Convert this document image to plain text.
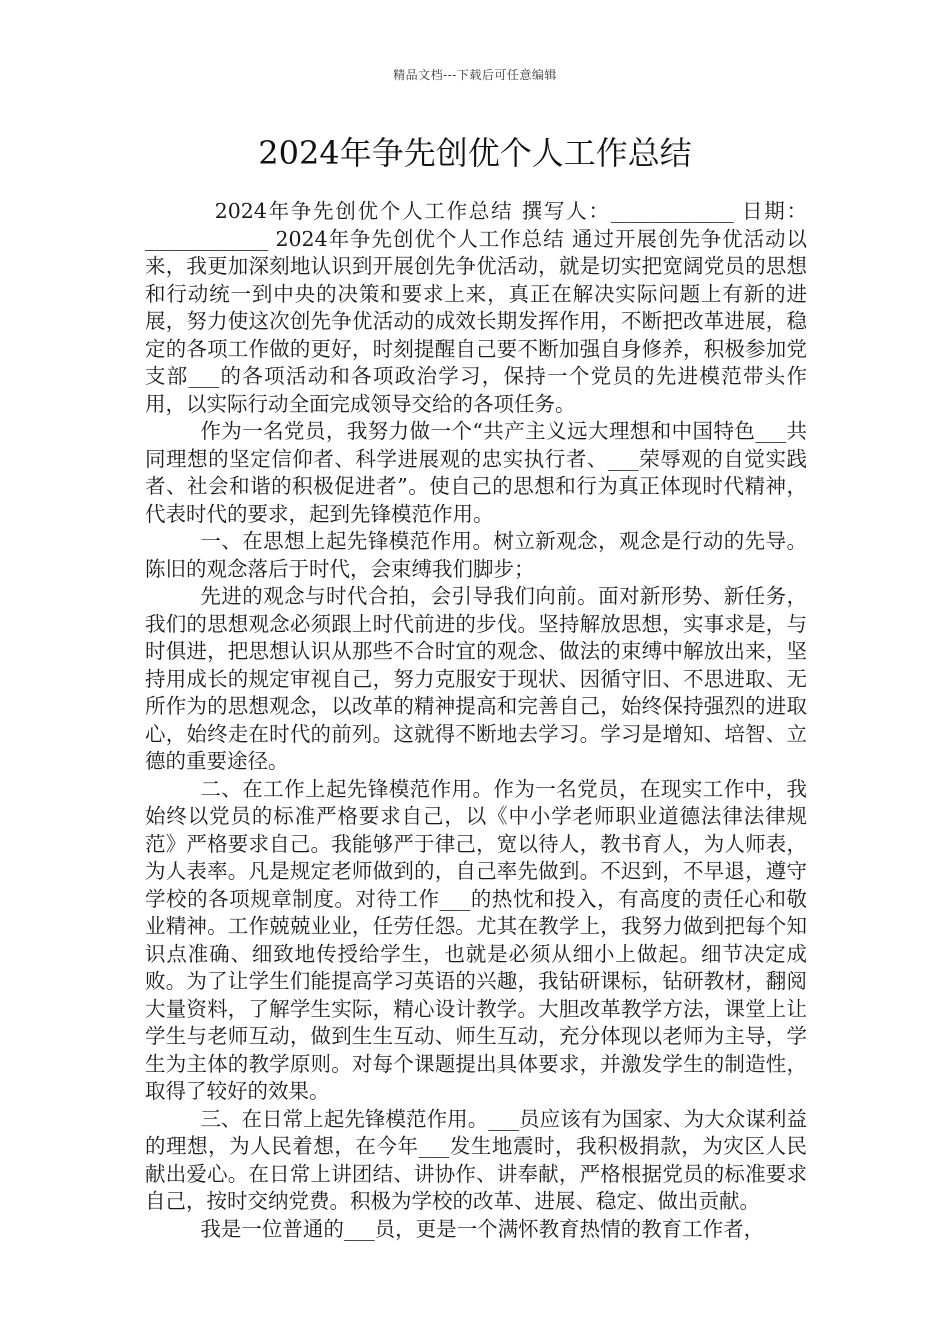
精品文档---下载后可任意编辑
2024年争先创优个人工作总结

2024年争先创优个人工作总结 撰写人：____________ 日期：____________ 2024年争先创优个人工作总结 通过开展创先争优活动以来，我更加深刻地认识到开展创先争优活动，就是切实把宽阔党员的思想和行动统一到中央的决策和要求上来，真正在解决实际问题上有新的进展，努力使这次创先争优活动的成效长期发挥作用，不断把改革进展，稳定的各项工作做的更好，时刻提醒自己要不断加强自身修养，积极参加党支部___的各项活动和各项政治学习，保持一个党员的先进模范带头作用，以实际行动全面完成领导交给的各项任务。

作为一名党员，我努力做一个“共产主义远大理想和中国特色___共同理想的坚定信仰者、科学进展观的忠实执行者、___荣辱观的自觉实践者、社会和谐的积极促进者”。使自己的思想和行为真正体现时代精神，代表时代的要求，起到先锋模范作用。

一、在思想上起先锋模范作用。树立新观念，观念是行动的先导。陈旧的观念落后于时代，会束缚我们脚步；

先进的观念与时代合拍，会引导我们向前。面对新形势、新任务，我们的思想观念必须跟上时代前进的步伐。坚持解放思想，实事求是，与时俱进，把思想认识从那些不合时宜的观念、做法的束缚中解放出来，坚持用成长的规定审视自己，努力克服安于现状、因循守旧、不思进取、无所作为的思想观念，以改革的精神提高和完善自己，始终保持强烈的进取心，始终走在时代的前列。这就得不断地去学习。学习是增知、培智、立德的重要途径。

二、在工作上起先锋模范作用。作为一名党员，在现实工作中，我始终以党员的标准严格要求自己，以《中小学老师职业道德法律法律规范》严格要求自己。我能够严于律己，宽以待人，教书育人，为人师表，为人表率。凡是规定老师做到的，自己率先做到。不迟到，不早退，遵守学校的各项规章制度。对待工作___的热忱和投入，有高度的责任心和敬业精神。工作兢兢业业，任劳任怨。尤其在教学上，我努力做到把每个知识点准确、细致地传授给学生，也就是必须从细小上做起。细节决定成败。为了让学生们能提高学习英语的兴趣，我钻研课标，钻研教材，翻阅大量资料，了解学生实际，精心设计教学。大胆改革教学方法，课堂上让学生与老师互动，做到生生互动、师生互动，充分体现以老师为主导，学生为主体的教学原则。对每个课题提出具体要求，并激发学生的制造性，取得了较好的效果。

三、在日常上起先锋模范作用。___员应该有为国家、为大众谋利益的理想，为人民着想，在今年___发生地震时，我积极捐款，为灾区人民献出爱心。在日常上讲团结、讲协作、讲奉献，严格根据党员的标准要求自己，按时交纳党费。积极为学校的改革、进展、稳定、做出贡献。

我是一位普通的___员，更是一个满怀教育热情的教育工作者，
